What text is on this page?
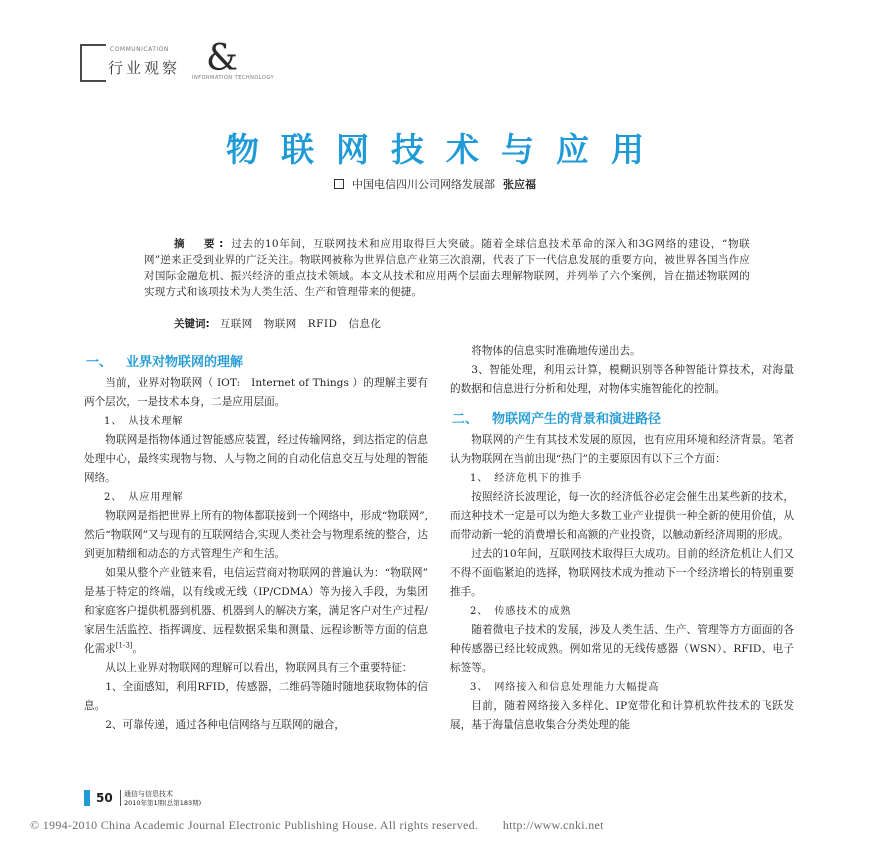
COMMUNICATION
行业观察 &
INFORMATION TECHNOLOGY
物联网技术与应用
中国电信四川公司网络发展部 张应福
摘　要: 过去的10年间，互联网技术和应用取得巨大突破。随着全球信息技术革命的深入和3G网络的建设，“物联网”逆来正受到业界的广泛关注。物联网被称为世界信息产业第三次浪潮，代表了下一代信息发展的重要方向，被世界各国当作应对国际金融危机、振兴经济的重点技术领域。本文从技术和应用两个层面去理解物联网，并列举了六个案例，旨在描述物联网的实现方式和该项技术为人类生活、生产和管理带来的便捷。
关键词: 互联网　物联网　RFID　信息化
一、 业界对物联网的理解

当前，业界对物联网（ IOT:　Internet of Things ）的理解主要有两个层次，一是技术本身，二是应用层面。

1、　从技术理解

物联网是指物体通过智能感应装置，经过传输网络，到达指定的信息处理中心，最终实现物与物、人与物之间的自动化信息交互与处理的智能网络。

2、　从应用理解

物联网是指把世界上所有的物体都联接到一个网络中，形成“物联网”,然后“物联网”又与现有的互联网结合,实现人类社会与物理系统的整合，达到更加精细和动态的方式管理生产和生活。

如果从整个产业链来看，电信运营商对物联网的普遍认为：“物联网” 是基于特定的终端，以有线或无线（IP/CDMA）等为接入手段，为集团和家庭客户提供机器到机器、机器到人的解决方案，满足客户对生产过程/家居生活监控、指挥调度、远程数据采集和测量、远程诊断等方面的信息化需求[1-3]。

从以上业界对物联网的理解可以看出，物联网具有三个重要特征：

1、全面感知，利用RFID，传感器，二维码等随时随地获取物体的信息。

2、可靠传递，通过各种电信网络与互联网的融合，

将物体的信息实时准确地传递出去。

3、智能处理，利用云计算，模糊识别等各种智能计算技术，对海量的数据和信息进行分析和处理，对物体实施智能化的控制。

二、 物联网产生的背景和演进路径

物联网的产生有其技术发展的原因，也有应用环境和经济背景。笔者认为物联网在当前出现“热门”的主要原因有以下三个方面：

1、　经济危机下的推手

按照经济长波理论，每一次的经济低谷必定会催生出某些新的技术，而这种技术一定是可以为绝大多数工业产业提供一种全新的使用价值，从而带动新一轮的消费增长和高额的产业投资，以触动新经济周期的形成。

过去的10年间，互联网技术取得巨大成功。目前的经济危机让人们又不得不面临紧迫的选择，物联网技术成为推动下一个经济增长的特别重要推手。

2、　传感技术的成熟

随着微电子技术的发展，涉及人类生活、生产、管理等方方面面的各种传感器已经比较成熟。例如常见的无线传感器（WSN）、RFID、电子标签等。

3、　网络接入和信息处理能力大幅提高

目前，随着网络接入多样化、IP宽带化和计算机软件技术的飞跃发展，基于海量信息收集合分类处理的能

50 通信与信息技术
2010年第1期(总第183期)
© 1994-2010 China Academic Journal Electronic Publishing House. All rights reserved.　　http://www.cnki.net
